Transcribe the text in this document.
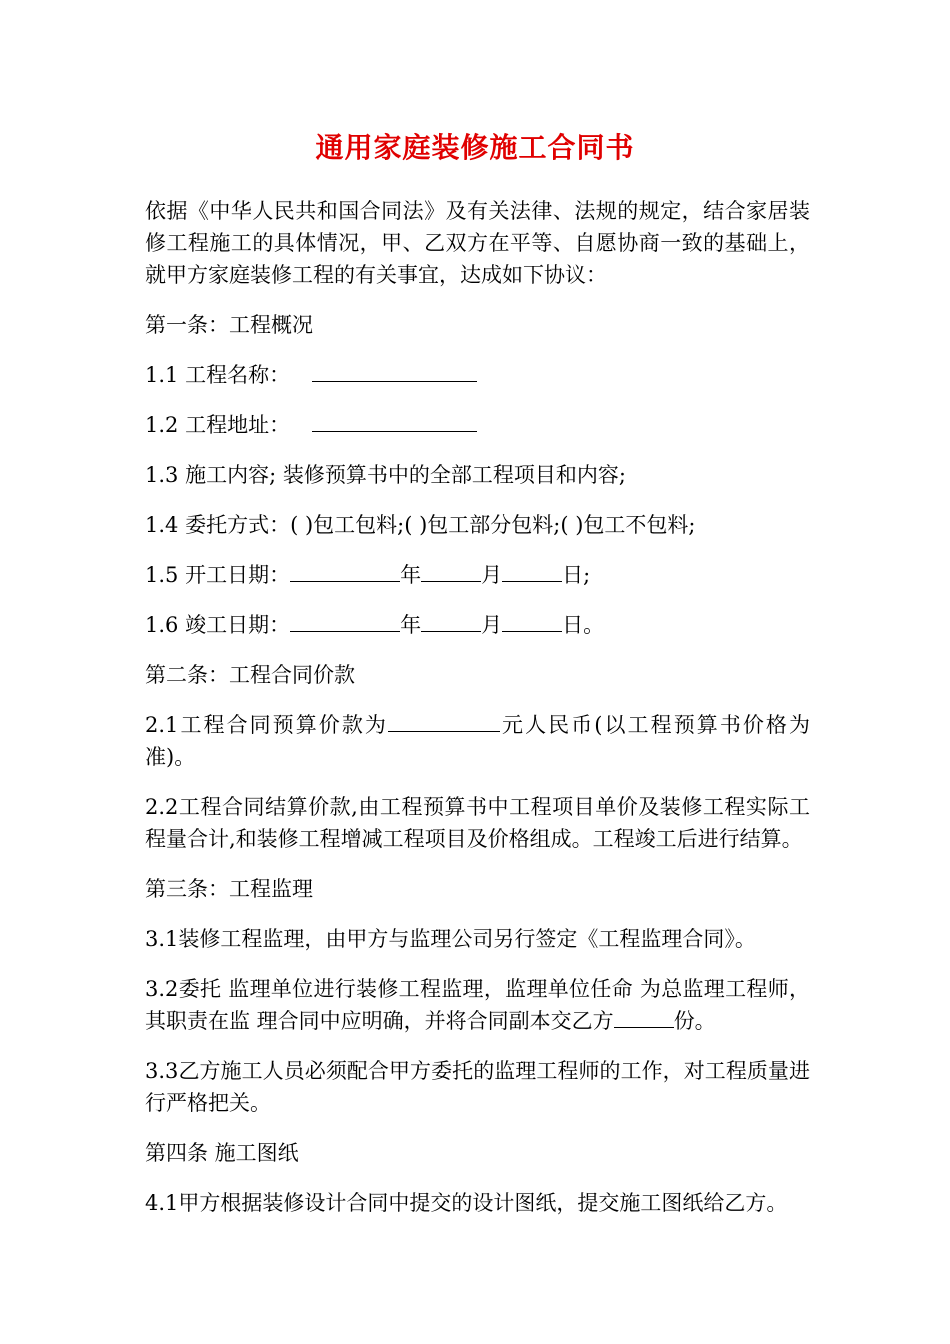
通用家庭装修施工合同书

依据《中华人民共和国合同法》及有关法律、法规的规定，结合家居装修工程施工的具体情况，甲、乙双方在平等、自愿协商一致的基础上，就甲方家庭装修工程的有关事宜，达成如下协议：

第一条：工程概况

1.1 工程名称：

1.2 工程地址：

1.3 施工内容; 装修预算书中的全部工程项目和内容;

1.4 委托方式：( )包工包料;( )包工部分包料;( )包工不包料;

1.5 开工日期：	年	月	日;

1.6 竣工日期：	年	月	日。

第二条：工程合同价款

2.1工程合同预算价款为	元人民币(以工程预算书价格为准)。

2.2工程合同结算价款,由工程预算书中工程项目单价及装修工程实际工程量合计,和装修工程增减工程项目及价格组成。工程竣工后进行结算。

第三条：工程监理

3.1装修工程监理，由甲方与监理公司另行签定《工程监理合同》。

3.2委托 监理单位进行装修工程监理，监理单位任命 为总监理工程师，其职责在监 理合同中应明确，并将合同副本交乙方	份。

3.3乙方施工人员必须配合甲方委托的监理工程师的工作，对工程质量进行严格把关。

第四条 施工图纸

4.1甲方根据装修设计合同中提交的设计图纸，提交施工图纸给乙方。
